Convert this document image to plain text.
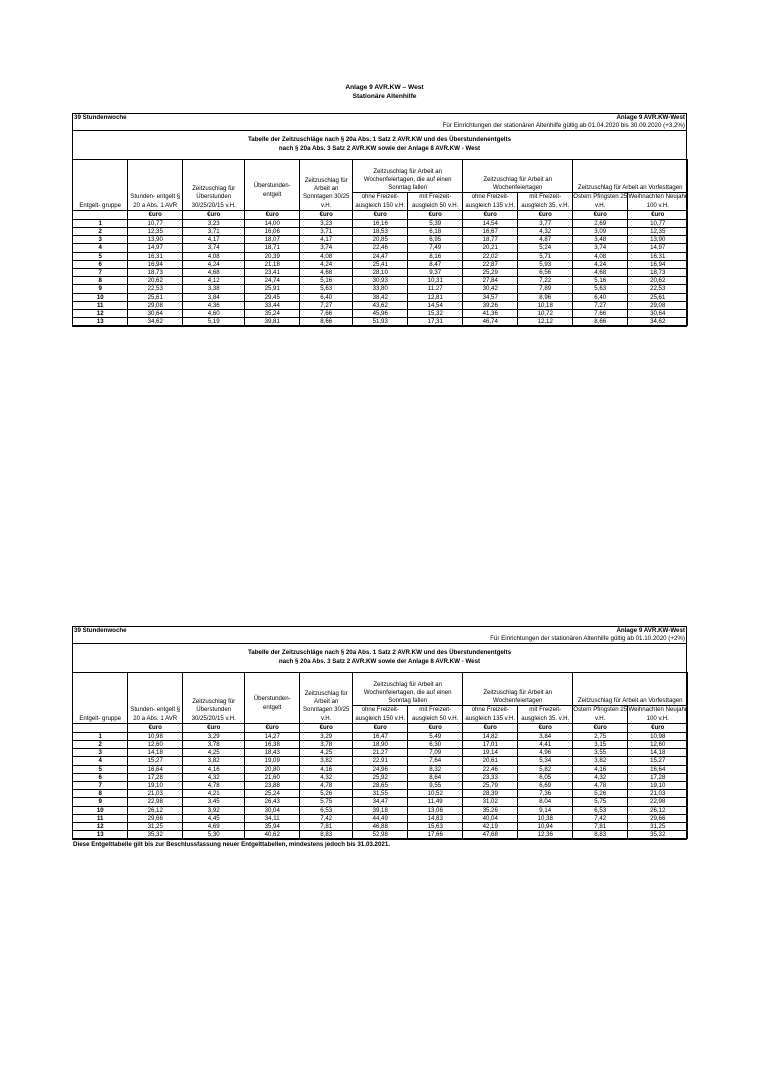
Anlage 9 AVR.KW – West
Stationäre Altenhilfe
39 Stundenwoche	Anlage 9 AVR.KW-West
Für Einrichtungen der stationären Altenhilfe gültig ab 01.04.2020 bis 30.09.2020 (+3,2%)
Tabelle der Zeitzuschläge nach § 20a Abs. 1 Satz 2 AVR.KW und des Überstundenentgelts
nach § 20a Abs. 3 Satz 2 AVR.KW sowie der Anlage 8 AVR.KW - West
Entgelt- gruppe	Stunden- entgelt § 20 a Abs. 1 AVR	Zeitzuschlag für Überstunden 30/25/20/15 v.H.	Überstunden- entgelt	Zeitzuschlag für Arbeit an Sonntagen 30/25 v.H.	Zeitzuschlag für Arbeit an Wochenfeiertagen, die auf einen Sonntag fallen		Zeitzuschlag für Arbeit an Wochenfeiertagen		Zeitzuschlag für Arbeit an Vorfesttagen	
					ohne Freizeit- ausgleich 150 v.H.	mit Freizeit- ausgleich 50 v.H.	ohne Freizeit- ausgleich 135 v.H.	mit Freizeit- ausgleich 35. v.H.	Ostern Pfingsten 25 v.H.	Weihnachten Neujahr 100 v.H.
	€uro	€uro	€uro	€uro	€uro	€uro	€uro	€uro	€uro	€uro
1	10,77	3,23	14,00	3,23	16,16	5,39	14,54	3,77	2,69	10,77
2	12,35	3,71	16,06	3,71	18,53	6,18	16,67	4,32	3,09	12,35
3	13,90	4,17	18,07	4,17	20,85	6,95	18,77	4,87	3,48	13,90
4	14,97	3,74	18,71	3,74	22,46	7,49	20,21	5,24	3,74	14,97
5	16,31	4,08	20,39	4,08	24,47	8,16	22,02	5,71	4,08	16,31
6	16,94	4,24	21,18	4,24	25,41	8,47	22,87	5,93	4,24	16,94
7	18,73	4,68	23,41	4,68	28,10	9,37	25,29	6,56	4,68	18,73
8	20,62	4,12	24,74	5,16	30,93	10,31	27,84	7,22	5,16	20,62
9	22,53	3,38	25,91	5,63	33,80	11,27	30,42	7,89	5,63	22,53
10	25,61	3,84	29,45	6,40	38,42	12,81	34,57	8,96	6,40	25,61
11	29,08	4,36	33,44	7,27	43,62	14,54	39,26	10,18	7,27	29,08
12	30,64	4,60	35,24	7,66	45,96	15,32	41,36	10,72	7,66	30,64
13	34,62	5,19	39,81	8,66	51,93	17,31	46,74	12,12	8,66	34,62
39 Stundenwoche	Anlage 9 AVR.KW-West
Für Einrichtungen der stationären Altenhilfe gültig ab 01.10.2020 (+2%)
Tabelle der Zeitzuschläge nach § 20a Abs. 1 Satz 2 AVR.KW und des Überstundenentgelts
nach § 20a Abs. 3 Satz 2 AVR.KW sowie der Anlage 8 AVR.KW - West
Entgelt- gruppe	Stunden- entgelt § 20 a Abs. 1 AVR	Zeitzuschlag für Überstunden 30/25/20/15 v.H.	Überstunden- entgelt	Zeitzuschlag für Arbeit an Sonntagen 30/25 v.H.	Zeitzuschlag für Arbeit an Wochenfeiertagen, die auf einen Sonntag fallen		Zeitzuschlag für Arbeit an Wochenfeiertagen		Zeitzuschlag für Arbeit an Vorfesttagen	
					ohne Freizeit- ausgleich 150 v.H.	mit Freizeit- ausgleich 50 v.H.	ohne Freizeit- ausgleich 135 v.H.	mit Freizeit- ausgleich 35. v.H.	Ostern Pfingsten 25 v.H.	Weihnachten Neujahr 100 v.H.
	€uro	€uro	€uro	€uro	€uro	€uro	€uro	€uro	€uro	€uro
1	10,98	3,29	14,27	3,29	16,47	5,49	14,82	3,84	2,75	10,98
2	12,60	3,78	16,38	3,78	18,90	6,30	17,01	4,41	3,15	12,60
3	14,18	4,25	18,43	4,25	21,27	7,09	19,14	4,96	3,55	14,18
4	15,27	3,82	19,09	3,82	22,91	7,64	20,61	5,34	3,82	15,27
5	16,64	4,16	20,80	4,16	24,96	8,32	22,46	5,82	4,16	16,64
6	17,28	4,32	21,60	4,32	25,92	8,64	23,33	6,05	4,32	17,28
7	19,10	4,78	23,88	4,78	28,65	9,55	25,79	6,69	4,78	19,10
8	21,03	4,21	25,24	5,26	31,55	10,52	28,39	7,36	5,26	21,03
9	22,98	3,45	26,43	5,75	34,47	11,49	31,02	8,04	5,75	22,98
10	26,12	3,92	30,04	6,53	39,18	13,06	35,26	9,14	6,53	26,12
11	29,66	4,45	34,11	7,42	44,49	14,83	40,04	10,38	7,42	29,66
12	31,25	4,69	35,94	7,81	46,88	15,63	42,19	10,94	7,81	31,25
13	35,32	5,30	40,62	8,83	52,98	17,66	47,68	12,36	8,83	35,32
Diese Entgelttabelle gilt bis zur Beschlussfassung neuer Entgelttabellen, mindestens jedoch bis 31.03.2021.
